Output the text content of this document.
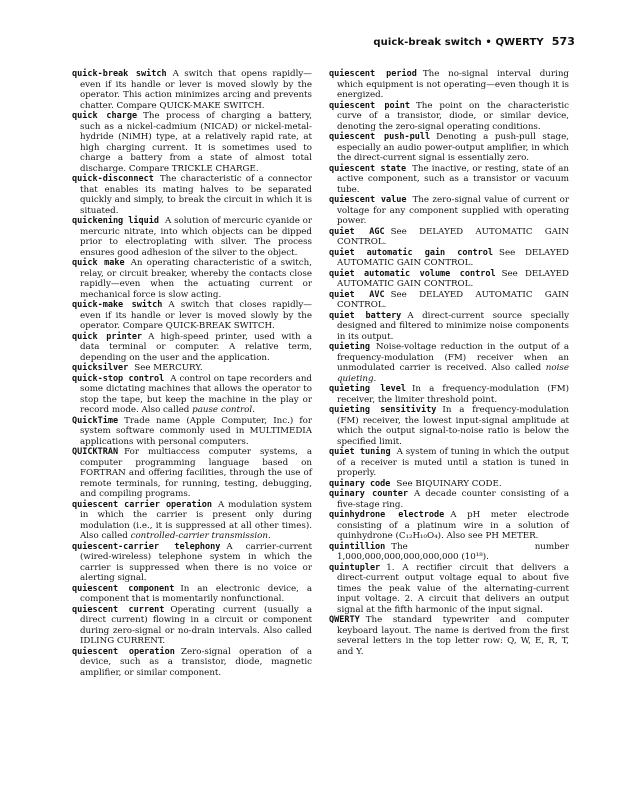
quick-break switch • QWERTY 573

quick-break switch A switch that opens rapidly—even if its handle or lever is moved slowly by the operator. This action minimizes arcing and prevents chatter. Compare QUICK-MAKE SWITCH.

quick charge The process of charging a battery, such as a nickel-cadmium (NICAD) or nickel-metal-hydride (NiMH) type, at a relatively rapid rate, at high charging current. It is sometimes used to charge a battery from a state of almost total discharge. Compare TRICKLE CHARGE.

quick-disconnect The characteristic of a connector that enables its mating halves to be separated quickly and simply, to break the circuit in which it is situated.

quickening liquid A solution of mercuric cyanide or mercuric nitrate, into which objects can be dipped prior to electroplating with silver. The process ensures good adhesion of the silver to the object.

quick make An operating characteristic of a switch, relay, or circuit breaker, whereby the contacts close rapidly—even when the actuating current or mechanical force is slow acting.

quick-make switch A switch that closes rapidly—even if its handle or lever is moved slowly by the operator. Compare QUICK-BREAK SWITCH.

quick printer A high-speed printer, used with a data terminal or computer. A relative term, depending on the user and the application.

quicksilver See MERCURY.

quick-stop control A control on tape recorders and some dictating machines that allows the operator to stop the tape, but keep the machine in the play or record mode. Also called pause control.

QuickTime Trade name (Apple Computer, Inc.) for system software commonly used in MULTIMEDIA applications with personal computers.

QUICKTRAN For multiaccess computer systems, a computer programming language based on FORTRAN and offering facilities, through the use of remote terminals, for running, testing, debugging, and compiling programs.

quiescent carrier operation A modulation system in which the carrier is present only during modulation (i.e., it is suppressed at all other times). Also called controlled-carrier transmission.

quiescent-carrier telephony A carrier-current (wired-wireless) telephone system in which the carrier is suppressed when there is no voice or alerting signal.

quiescent component In an electronic device, a component that is momentarily nonfunctional.

quiescent current Operating current (usually a direct current) flowing in a circuit or component during zero-signal or no-drain intervals. Also called IDLING CURRENT.

quiescent operation Zero-signal operation of a device, such as a transistor, diode, magnetic amplifier, or similar component.

quiescent period The no-signal interval during which equipment is not operating—even though it is energized.

quiescent point The point on the characteristic curve of a transistor, diode, or similar device, denoting the zero-signal operating conditions.

quiescent push-pull Denoting a push-pull stage, especially an audio power-output amplifier, in which the direct-current signal is essentially zero.

quiescent state The inactive, or resting, state of an active component, such as a transistor or vacuum tube.

quiescent value The zero-signal value of current or voltage for any component supplied with operating power.

quiet AGC See DELAYED AUTOMATIC GAIN CONTROL.

quiet automatic gain control See DELAYED AUTOMATIC GAIN CONTROL.

quiet automatic volume control See DELAYED AUTOMATIC GAIN CONTROL.

quiet AVC See DELAYED AUTOMATIC GAIN CONTROL.

quiet battery A direct-current source specially designed and filtered to minimize noise components in its output.

quieting Noise-voltage reduction in the output of a frequency-modulation (FM) receiver when an unmodulated carrier is received. Also called noise quieting.

quieting level In a frequency-modulation (FM) receiver, the limiter threshold point.

quieting sensitivity In a frequency-modulation (FM) receiver, the lowest input-signal amplitude at which the output signal-to-noise ratio is below the specified limit.

quiet tuning A system of tuning in which the output of a receiver is muted until a station is tuned in properly.

quinary code See BIQUINARY CODE.

quinary counter A decade counter consisting of a five-stage ring.

quinhydrone electrode A pH meter electrode consisting of a platinum wire in a solution of quinhydrone (C₁₂H₁₀O₄). Also see PH METER.

quintillion The number 1,000,000,000,000,000,000 (10¹⁸).

quintupler 1. A rectifier circuit that delivers a direct-current output voltage equal to about five times the peak value of the alternating-current input voltage. 2. A circuit that delivers an output signal at the fifth harmonic of the input signal.

QWERTY The standard typewriter and computer keyboard layout. The name is derived from the first several letters in the top letter row: Q, W, E, R, T, and Y.
